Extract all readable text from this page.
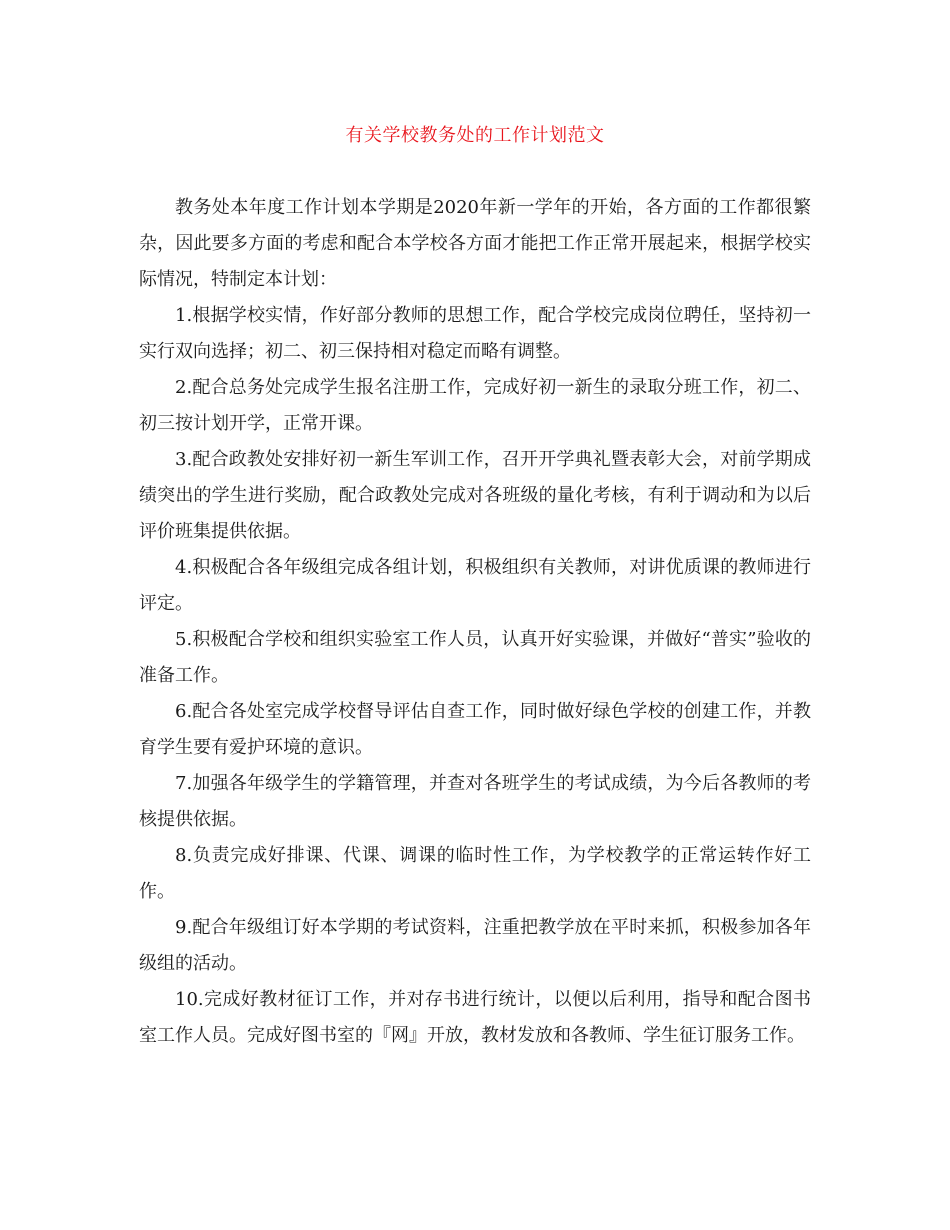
有关学校教务处的工作计划范文

教务处本年度工作计划本学期是2020年新一学年的开始，各方面的工作都很繁杂，因此要多方面的考虑和配合本学校各方面才能把工作正常开展起来，根据学校实际情况，特制定本计划：

1.根据学校实情，作好部分教师的思想工作，配合学校完成岗位聘任，坚持初一实行双向选择；初二、初三保持相对稳定而略有调整。

2.配合总务处完成学生报名注册工作，完成好初一新生的录取分班工作，初二、初三按计划开学，正常开课。

3.配合政教处安排好初一新生军训工作，召开开学典礼暨表彰大会，对前学期成绩突出的学生进行奖励，配合政教处完成对各班级的量化考核，有利于调动和为以后评价班集提供依据。

4.积极配合各年级组完成各组计划，积极组织有关教师，对讲优质课的教师进行评定。

5.积极配合学校和组织实验室工作人员，认真开好实验课，并做好“普实”验收的准备工作。

6.配合各处室完成学校督导评估自查工作，同时做好绿色学校的创建工作，并教育学生要有爱护环境的意识。

7.加强各年级学生的学籍管理，并查对各班学生的考试成绩，为今后各教师的考核提供依据。

8.负责完成好排课、代课、调课的临时性工作，为学校教学的正常运转作好工作。

9.配合年级组订好本学期的考试资料，注重把教学放在平时来抓，积极参加各年级组的活动。

10.完成好教材征订工作，并对存书进行统计，以便以后利用，指导和配合图书室工作人员。完成好图书室的『网』开放，教材发放和各教师、学生征订服务工作。
